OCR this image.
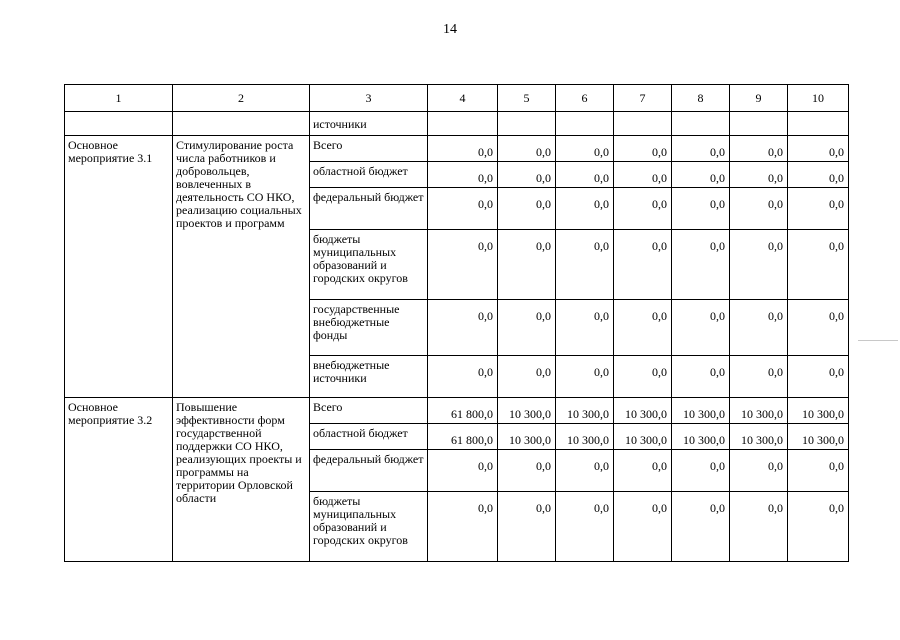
14
1	2	3	4	5	6	7	8	9	10

		источники							

Основное мероприятие 3.1	Стимулирование роста числа работников и добровольцев, вовлеченных в деятельность СО НКО, реализацию социальных проектов и программ	Всего	0,0	0,0	0,0	0,0	0,0	0,0	0,0

		областной бюджет	0,0	0,0	0,0	0,0	0,0	0,0	0,0

		федеральный бюджет	0,0	0,0	0,0	0,0	0,0	0,0	0,0

		бюджеты муниципальных образований и городских округов	0,0	0,0	0,0	0,0	0,0	0,0	0,0

		государственные внебюджетные фонды	0,0	0,0	0,0	0,0	0,0	0,0	0,0

		внебюджетные источники	0,0	0,0	0,0	0,0	0,0	0,0	0,0

Основное мероприятие 3.2	Повышение эффективности форм государственной поддержки СО НКО, реализующих проекты и программы на территории Орловской области	Всего	61 800,0	10 300,0	10 300,0	10 300,0	10 300,0	10 300,0	10 300,0

		областной бюджет	61 800,0	10 300,0	10 300,0	10 300,0	10 300,0	10 300,0	10 300,0

		федеральный бюджет	0,0	0,0	0,0	0,0	0,0	0,0	0,0

		бюджеты муниципальных образований и городских округов	0,0	0,0	0,0	0,0	0,0	0,0	0,0
